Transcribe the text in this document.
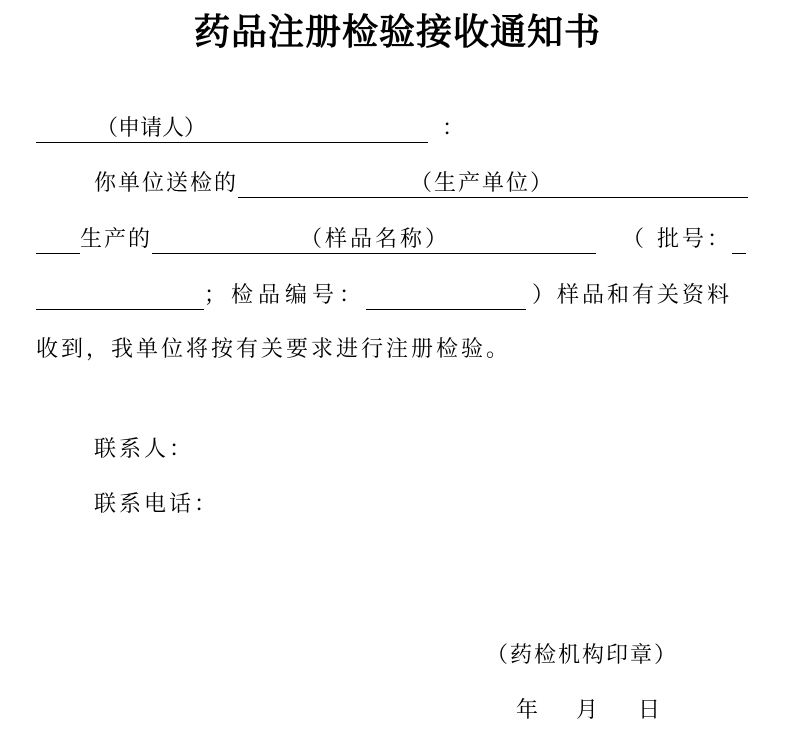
药品注册检验接收通知书
（申请人）	：
你单位送检的	（生产单位）
生产的	（样品名称）	（ 批号：
；检品编号：	）样品和有关资料
收到，我单位将按有关要求进行注册检验。
联系人：
联系电话：
（药检机构印章）
年 月 日
